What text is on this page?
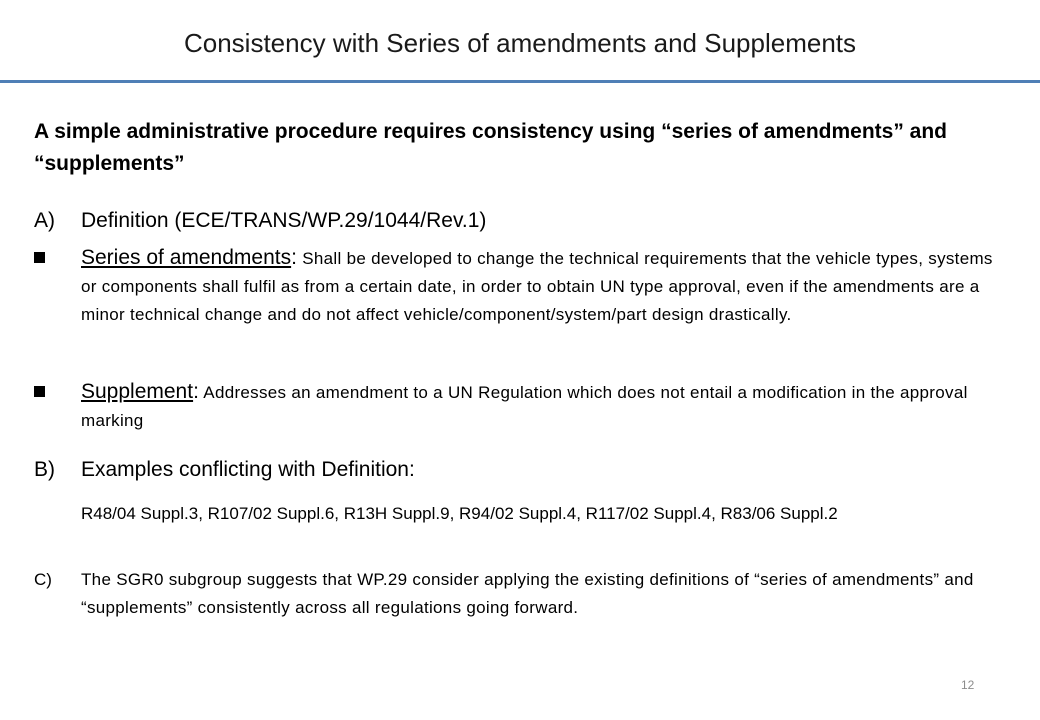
Consistency with Series of amendments and Supplements
A simple administrative procedure requires consistency using “series of amendments” and “supplements”
A) Definition (ECE/TRANS/WP.29/1044/Rev.1)
Series of amendments: Shall be developed to change the technical requirements that the vehicle types, systems or components shall fulfil as from a certain date, in order to obtain UN type approval, even if the amendments are a minor technical change and do not affect vehicle/component/system/part design drastically.
Supplement: Addresses an amendment to a UN Regulation which does not entail a modification in the approval marking
B) Examples conflicting with Definition:
R48/04 Suppl.3, R107/02 Suppl.6, R13H Suppl.9, R94/02 Suppl.4, R117/02 Suppl.4, R83/06 Suppl.2
C) The SGR0 subgroup suggests that WP.29 consider applying the existing definitions of “series of amendments” and “supplements” consistently across all regulations going forward.
12
